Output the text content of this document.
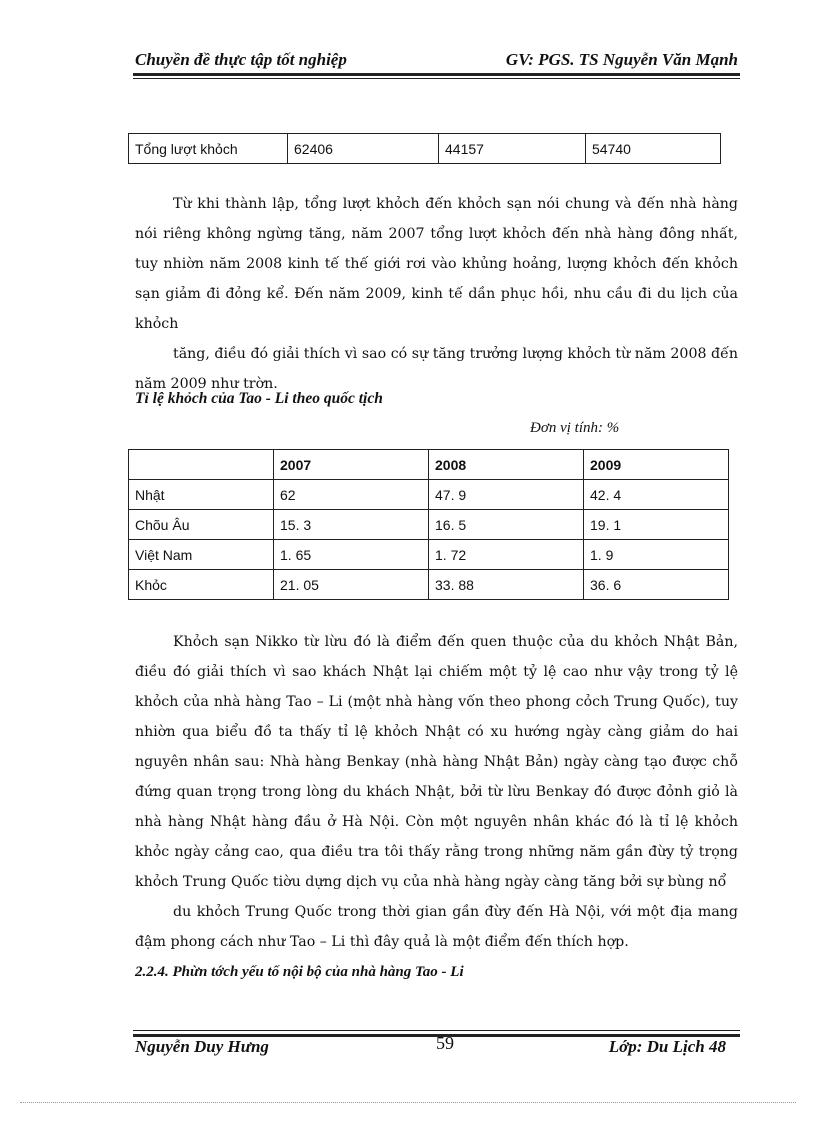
Chuyền đề thực tập tốt nghiệp	GV: PGS. TS Nguyễn Văn Mạnh
Tổng lượt khỏch	62406	44157	54740

Từ khi thành lập, tổng lượt khỏch đến khỏch sạn nói chung và đến nhà hàng nói riêng không ngừng tăng, năm 2007 tổng lượt khỏch đến nhà hàng đông nhất, tuy nhiờn năm 2008 kinh tế thế giới rơi vào khủng hoảng, lượng khỏch đến khỏch sạn giảm đi đỏng kể. Đến năm 2009, kinh tế dần phục hồi, nhu cầu đi du lịch của khỏch

tăng, điều đó giải thích vì sao có sự tăng trưởng lượng khỏch từ năm 2008 đến năm 2009 như trờn.

Tỉ lệ khỏch của Tao - Li theo quốc tịch
Đơn vị tính: %
	2007	2008	2009
Nhật	62	47. 9	42. 4
Chõu Âu	15. 3	16. 5	19. 1
Việt Nam	1. 65	1. 72	1. 9
Khỏc	21. 05	33. 88	36. 6

Khỏch sạn Nikko từ lừu đó là điểm đến quen thuộc của du khỏch Nhật Bản, điều đó giải thích vì sao khách Nhật lại chiếm một tỷ lệ cao như vậy trong tỷ lệ khỏch của nhà hàng Tao – Li (một nhà hàng vốn theo phong cỏch Trung Quốc), tuy nhiờn qua biểu đồ ta thấy tỉ lệ khỏch Nhật có xu hướng ngày càng giảm do hai nguyên nhân sau: Nhà hàng Benkay (nhà hàng Nhật Bản) ngày càng tạo được chỗ đứng quan trọng trong lòng du khách Nhật, bởi từ lừu Benkay đó được đỏnh giỏ là nhà hàng Nhật hàng đầu ở Hà Nội. Còn một nguyên nhân khác đó là tỉ lệ khỏch khỏc ngày cảng cao, qua điều tra tôi thấy rằng trong những năm gần đừy tỷ trọng khỏch Trung Quốc tiờu dựng dịch vụ của nhà hàng ngày càng tăng bởi sự bùng nổ

du khỏch Trung Quốc trong thời gian gần đừy đến Hà Nội, với một địa mang đậm phong cách như Tao – Li thì đây quả là một điểm đến thích hợp.

2.2.4. Phừn tớch yếu tố nội bộ của nhà hàng Tao - Li
Nguyễn Duy Hưng	59	Lớp: Du Lịch 48
